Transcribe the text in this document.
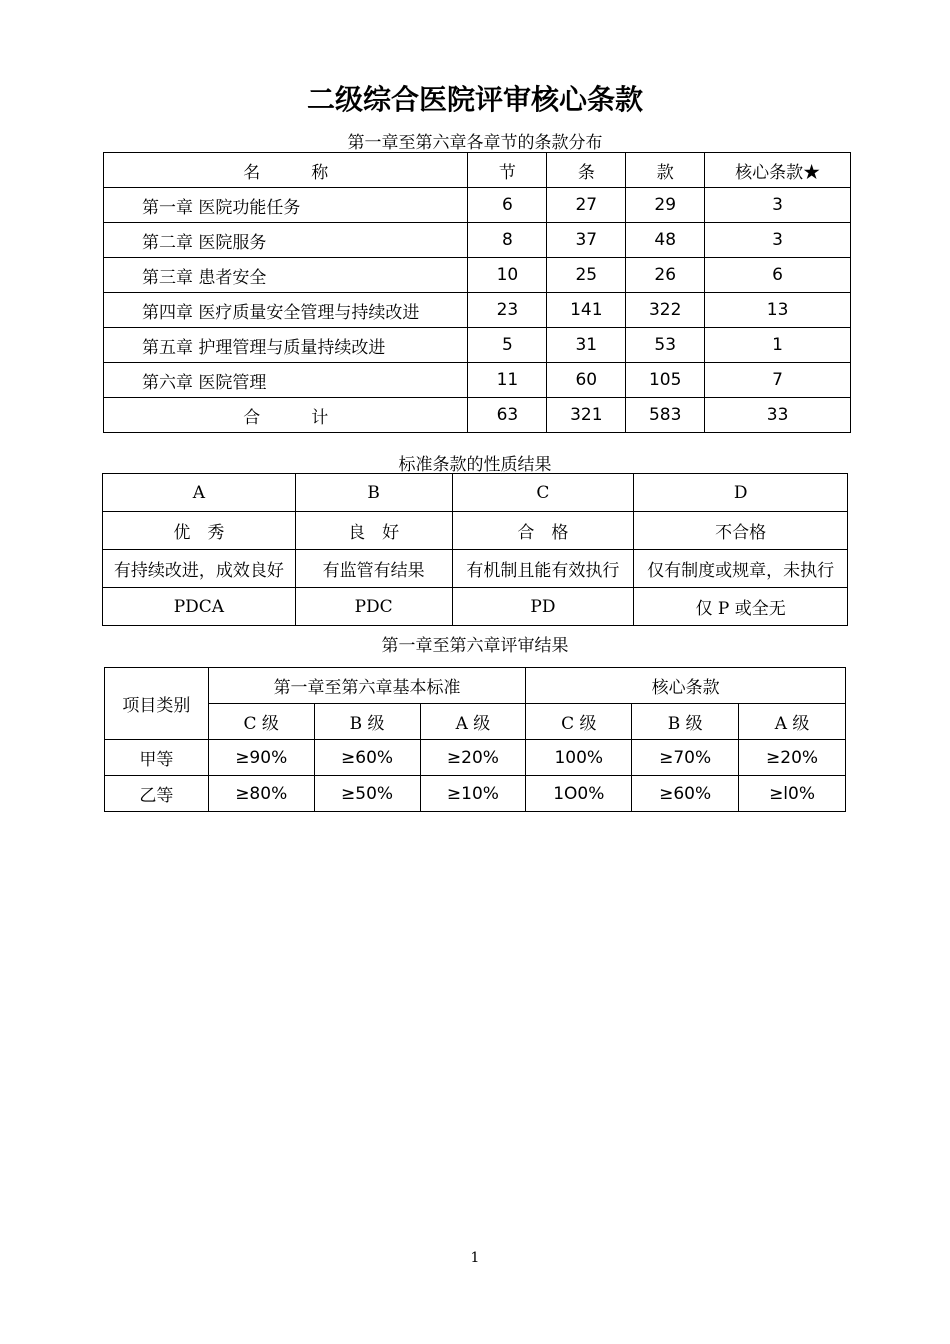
二级综合医院评审核心条款
第一章至第六章各章节的条款分布
名　　　称	节	条	款	核心条款★
第一章 医院功能任务	6	27	29	3
第二章 医院服务	8	37	48	3
第三章 患者安全	10	25	26	6
第四章 医疗质量安全管理与持续改进	23	141	322	13
第五章 护理管理与质量持续改进	5	31	53	1
第六章 医院管理	11	60	105	7
合　　　计	63	321	583	33
标准条款的性质结果
A	B	C	D
优　秀	良　好	合　格	不合格
有持续改进，成效良好	有监管有结果	有机制且能有效执行	仅有制度或规章，未执行
PDCA	PDC	PD	仅 P 或全无
第一章至第六章评审结果
项目类别	第一章至第六章基本标准			核心条款		
	C 级	B 级	A 级	C 级	B 级	A 级
甲等	≥90%	≥60%	≥20%	100%	≥70%	≥20%
乙等	≥80%	≥50%	≥10%	1O0%	≥60%	≥l0%
1
